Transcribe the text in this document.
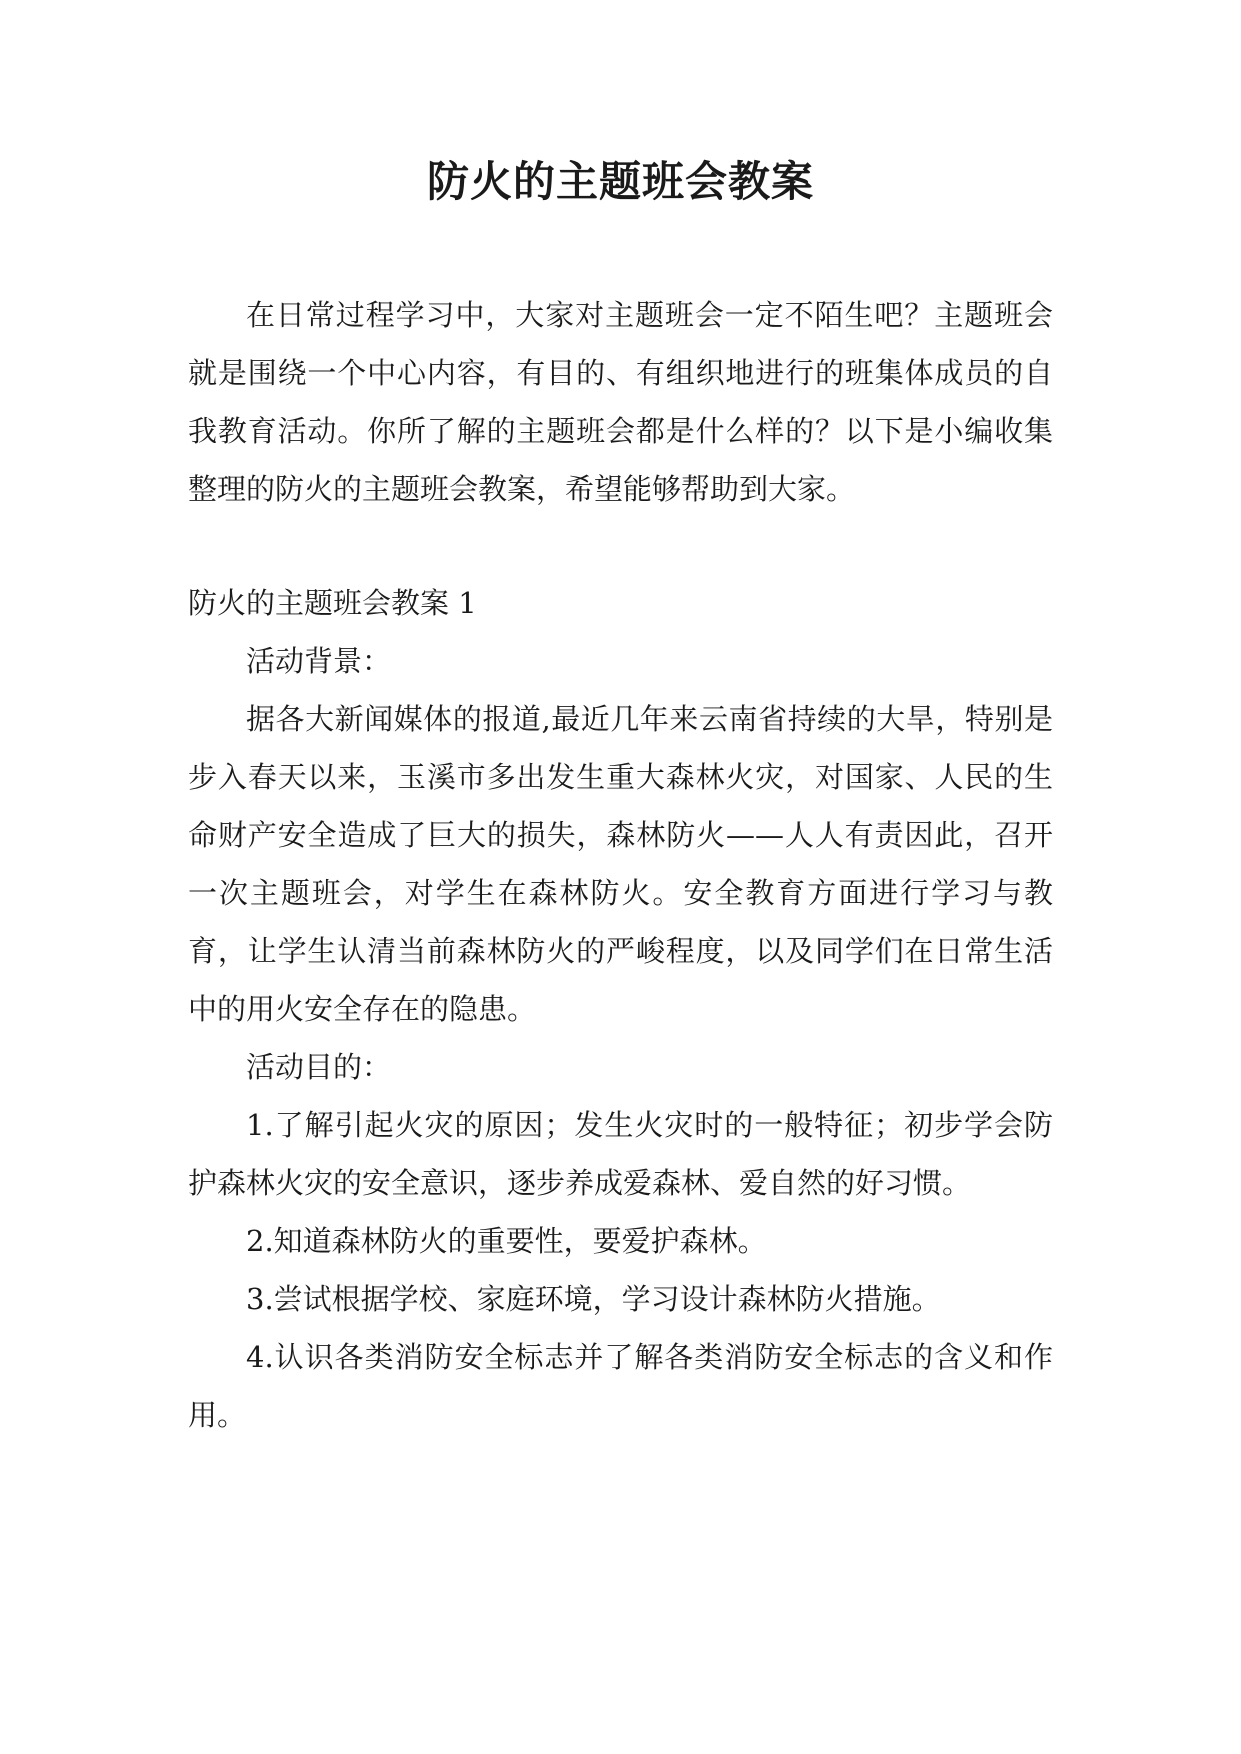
防火的主题班会教案

在日常过程学习中，大家对主题班会一定不陌生吧？主题班会就是围绕一个中心内容，有目的、有组织地进行的班集体成员的自我教育活动。你所了解的主题班会都是什么样的？以下是小编收集整理的防火的主题班会教案，希望能够帮助到大家。

防火的主题班会教案 1

活动背景：

据各大新闻媒体的报道,最近几年来云南省持续的大旱，特别是步入春天以来，玉溪市多出发生重大森林火灾，对国家、人民的生命财产安全造成了巨大的损失，森林防火——人人有责因此，召开一次主题班会，对学生在森林防火。安全教育方面进行学习与教育，让学生认清当前森林防火的严峻程度，以及同学们在日常生活中的用火安全存在的隐患。

活动目的：

1.了解引起火灾的原因；发生火灾时的一般特征；初步学会防护森林火灾的安全意识，逐步养成爱森林、爱自然的好习惯。

2.知道森林防火的重要性，要爱护森林。

3.尝试根据学校、家庭环境，学习设计森林防火措施。

4.认识各类消防安全标志并了解各类消防安全标志的含义和作用。
